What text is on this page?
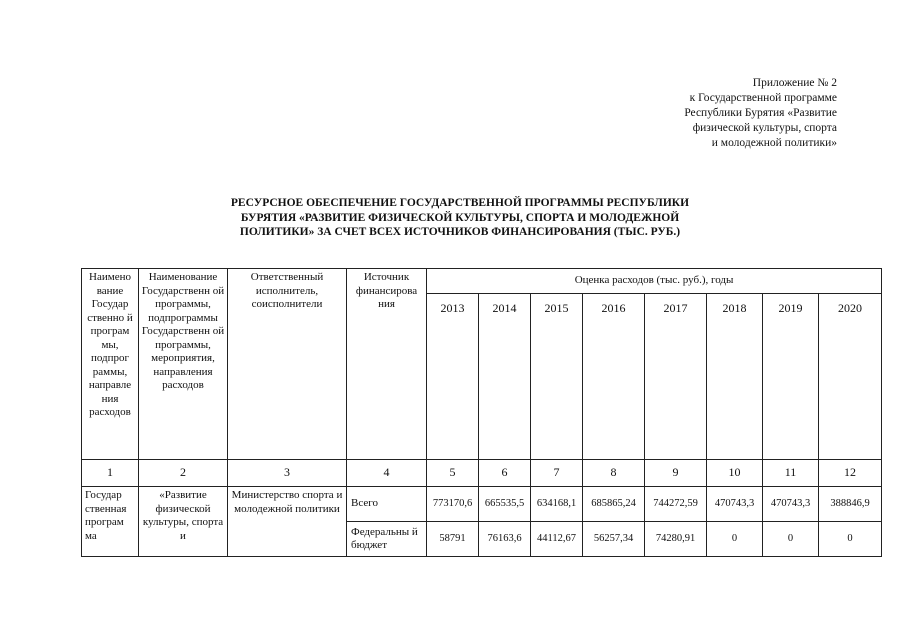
Приложение № 2
к Государственной программе
Республики Бурятия «Развитие
физической культуры, спорта
и молодежной политики»
РЕСУРСНОЕ ОБЕСПЕЧЕНИЕ ГОСУДАРСТВЕННОЙ ПРОГРАММЫ РЕСПУБЛИКИ
БУРЯТИЯ «РАЗВИТИЕ ФИЗИЧЕСКОЙ КУЛЬТУРЫ, СПОРТА И МОЛОДЕЖНОЙ
ПОЛИТИКИ» ЗА СЧЕТ ВСЕХ ИСТОЧНИКОВ ФИНАНСИРОВАНИЯ (ТЫС. РУБ.)
Наимено вание Государ ственно й програм мы, подпрог раммы, направле ния расходов	Наименование Государственн ой программы, подпрограммы Государственн ой программы, мероприятия, направления расходов	Ответственный исполнитель, соисполнители	Источник финансирова ния	Оценка расходов (тыс. руб.), годы							
				2013	2014	2015	2016	2017	2018	2019	2020
1	2	3	4	5	6	7	8	9	10	11	12
Государ ственная програм ма	«Развитие физической культуры, спорта и	Министерство спорта и молодежной политики	Всего	773170,6	665535,5	634168,1	685865,24	744272,59	470743,3	470743,3	388846,9
			Федеральны й бюджет	58791	76163,6	44112,67	56257,34	74280,91	0	0	0
